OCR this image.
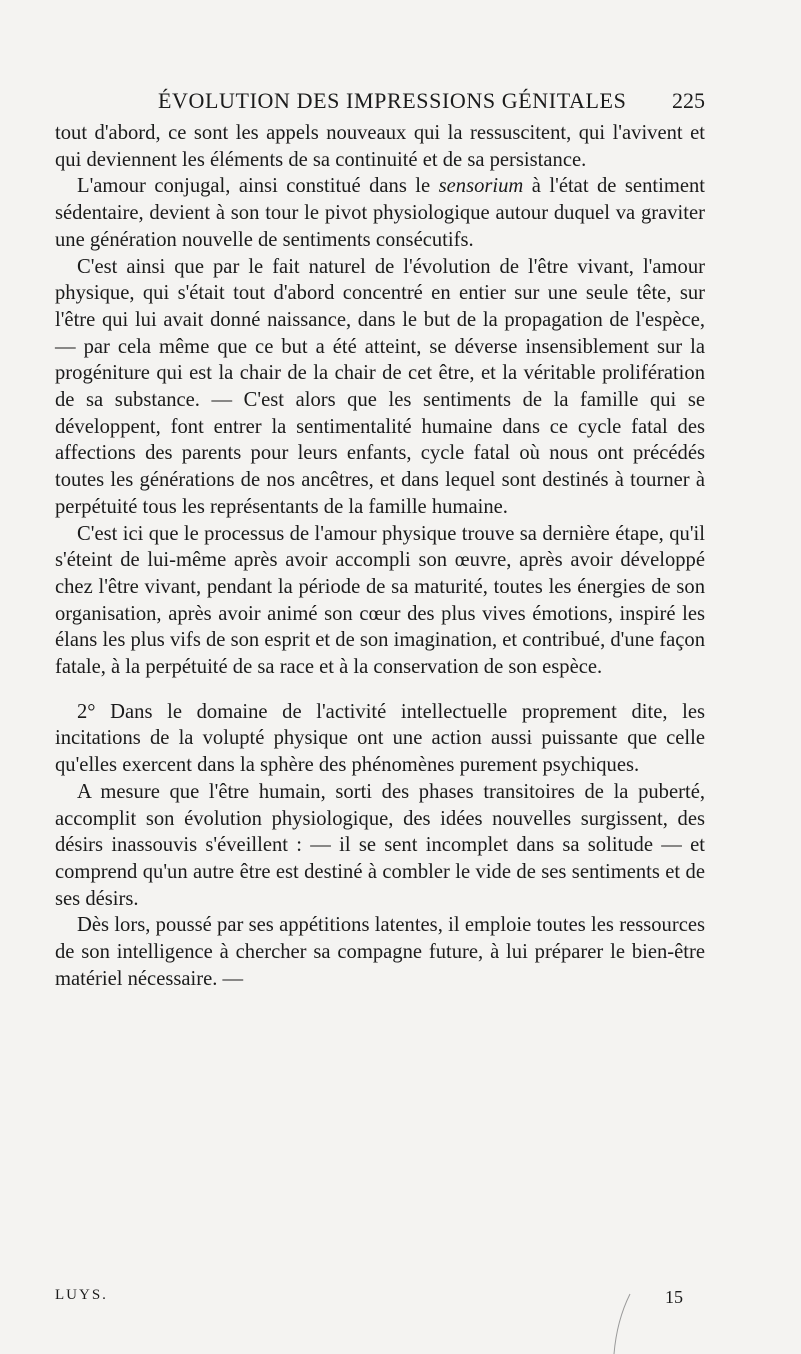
ÉVOLUTION DES IMPRESSIONS GÉNITALES 225

tout d'abord, ce sont les appels nouveaux qui la ressuscitent, qui l'avivent et qui deviennent les éléments de sa continuité et de sa persistance.

L'amour conjugal, ainsi constitué dans le sensorium à l'état de sentiment sédentaire, devient à son tour le pivot physiologique autour duquel va graviter une génération nouvelle de sentiments consécutifs.

C'est ainsi que par le fait naturel de l'évolution de l'être vivant, l'amour physique, qui s'était tout d'abord concentré en entier sur une seule tête, sur l'être qui lui avait donné naissance, dans le but de la propagation de l'espèce, — par cela même que ce but a été atteint, se déverse insensiblement sur la progéniture qui est la chair de la chair de cet être, et la véritable prolifération de sa substance. — C'est alors que les sentiments de la famille qui se développent, font entrer la sentimentalité humaine dans ce cycle fatal des affections des parents pour leurs enfants, cycle fatal où nous ont précédés toutes les générations de nos ancêtres, et dans lequel sont destinés à tourner à perpétuité tous les représentants de la famille humaine.

C'est ici que le processus de l'amour physique trouve sa dernière étape, qu'il s'éteint de lui-même après avoir accompli son œuvre, après avoir développé chez l'être vivant, pendant la période de sa maturité, toutes les énergies de son organisation, après avoir animé son cœur des plus vives émotions, inspiré les élans les plus vifs de son esprit et de son imagination, et contribué, d'une façon fatale, à la perpétuité de sa race et à la conservation de son espèce.

2° Dans le domaine de l'activité intellectuelle proprement dite, les incitations de la volupté physique ont une action aussi puissante que celle qu'elles exercent dans la sphère des phénomènes purement psychiques.

A mesure que l'être humain, sorti des phases transitoires de la puberté, accomplit son évolution physiologique, des idées nouvelles surgissent, des désirs inassouvis s'éveillent : — il se sent incomplet dans sa solitude — et comprend qu'un autre être est destiné à combler le vide de ses sentiments et de ses désirs.

Dès lors, poussé par ses appétitions latentes, il emploie toutes les ressources de son intelligence à chercher sa compagne future, à lui préparer le bien-être matériel nécessaire. —

LUYS.	15
